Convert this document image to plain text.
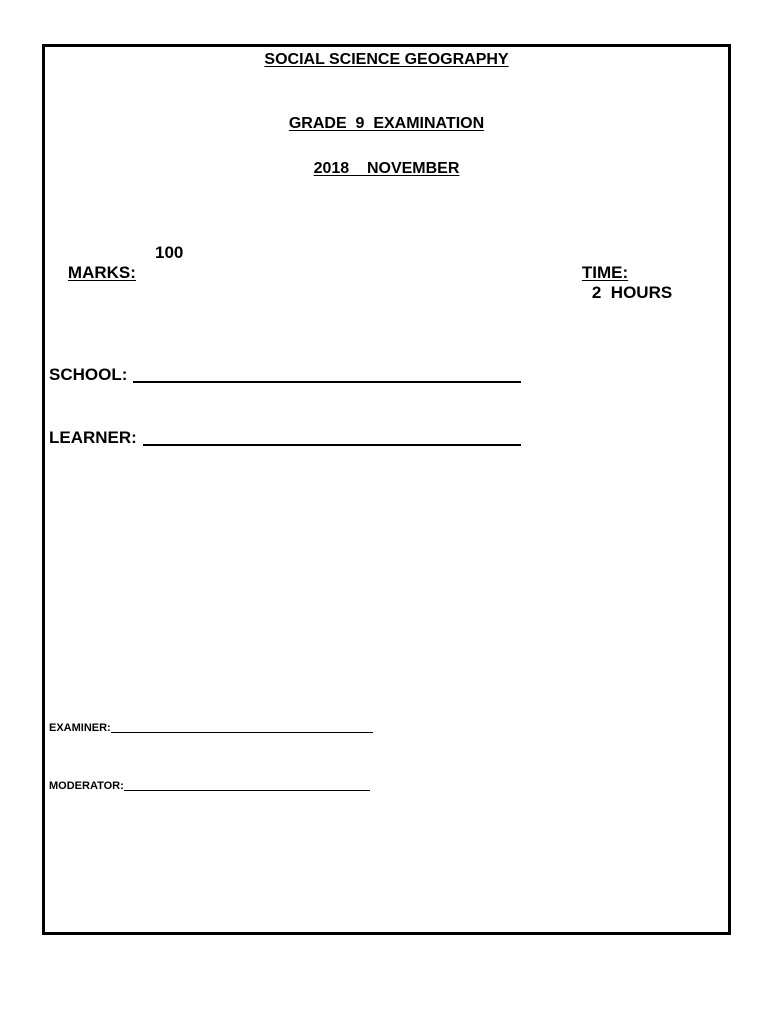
SOCIAL SCIENCE GEOGRAPHY
GRADE  9  EXAMINATION
2018    NOVEMBER

MARKS:

100

TIME:
2  HOURS

SCHOOL:
LEARNER:
EXAMINER:
MODERATOR:
